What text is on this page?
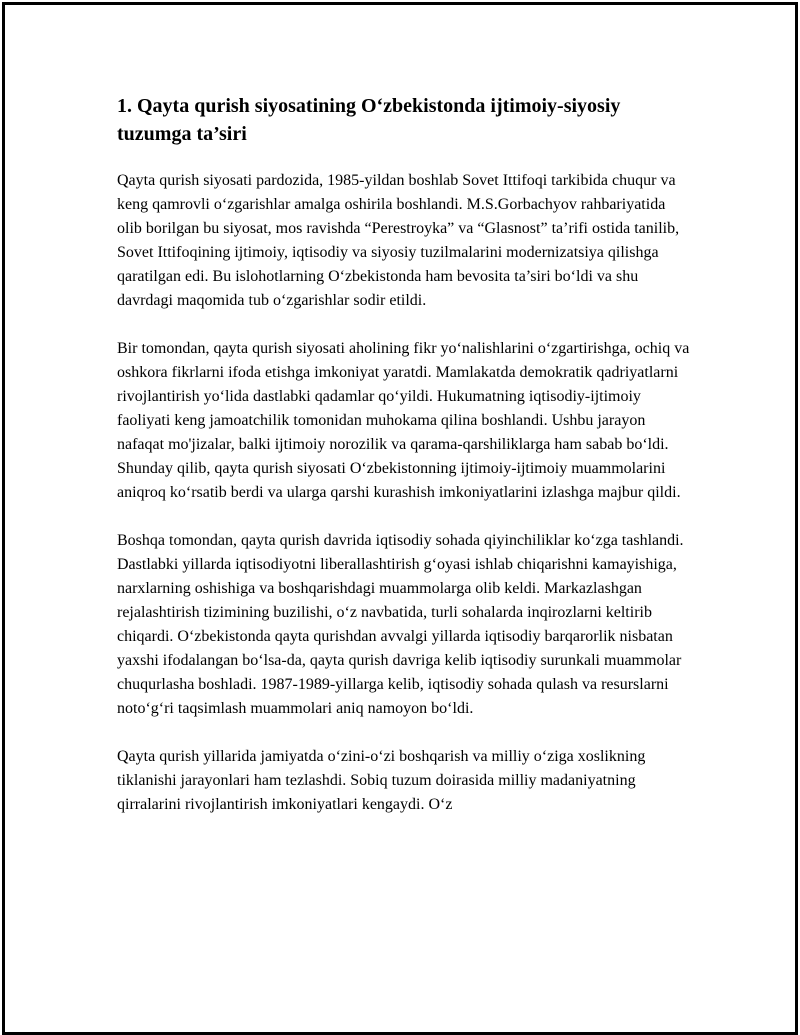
1. Qayta qurish siyosatining O‘zbekistonda ijtimoiy-siyosiy tuzumga ta’siri

Qayta qurish siyosati pardozida, 1985-yildan boshlab Sovet Ittifoqi tarkibida chuqur va keng qamrovli o‘zgarishlar amalga oshirila boshlandi. M.S.Gorbachyov rahbariyatida olib borilgan bu siyosat, mos ravishda “Perestroyka” va “Glasnost” ta’rifi ostida tanilib, Sovet Ittifoqining ijtimoiy, iqtisodiy va siyosiy tuzilmalarini modernizatsiya qilishga qaratilgan edi. Bu islohotlarning O‘zbekistonda ham bevosita ta’siri bo‘ldi va shu davrdagi maqomida tub o‘zgarishlar sodir etildi.

Bir tomondan, qayta qurish siyosati aholining fikr yo‘nalishlarini o‘zgartirishga, ochiq va oshkora fikrlarni ifoda etishga imkoniyat yaratdi. Mamlakatda demokratik qadriyatlarni rivojlantirish yo‘lida dastlabki qadamlar qo‘yildi. Hukumatning iqtisodiy-ijtimoiy faoliyati keng jamoatchilik tomonidan muhokama qilina boshlandi. Ushbu jarayon nafaqat mo'jizalar, balki ijtimoiy norozilik va qarama-qarshiliklarga ham sabab bo‘ldi. Shunday qilib, qayta qurish siyosati O‘zbekistonning ijtimoiy-ijtimoiy muammolarini aniqroq ko‘rsatib berdi va ularga qarshi kurashish imkoniyatlarini izlashga majbur qildi.

Boshqa tomondan, qayta qurish davrida iqtisodiy sohada qiyinchiliklar ko‘zga tashlandi. Dastlabki yillarda iqtisodiyotni liberallashtirish g‘oyasi ishlab chiqarishni kamayishiga, narxlarning oshishiga va boshqarishdagi muammolarga olib keldi. Markazlashgan rejalashtirish tizimining buzilishi, o‘z navbatida, turli sohalarda inqirozlarni keltirib chiqardi. O‘zbekistonda qayta qurishdan avvalgi yillarda iqtisodiy barqarorlik nisbatan yaxshi ifodalangan bo‘lsa-da, qayta qurish davriga kelib iqtisodiy surunkali muammolar chuqurlasha boshladi. 1987-1989-yillarga kelib, iqtisodiy sohada qulash va resurslarni noto‘g‘ri taqsimlash muammolari aniq namoyon bo‘ldi.

Qayta qurish yillarida jamiyatda o‘zini-o‘zi boshqarish va milliy o‘ziga xoslikning tiklanishi jarayonlari ham tezlashdi. Sobiq tuzum doirasida milliy madaniyatning qirralarini rivojlantirish imkoniyatlari kengaydi. O‘z
